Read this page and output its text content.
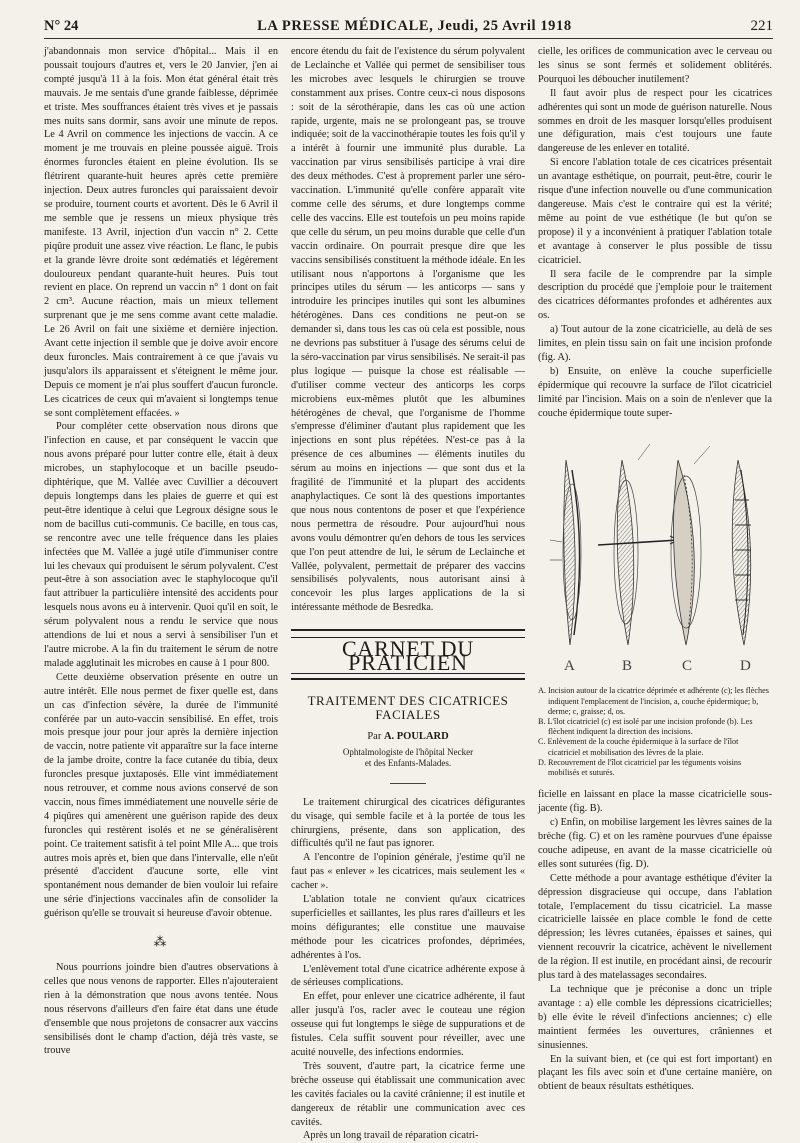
N° 24	LA PRESSE MÉDICALE, Jeudi, 25 Avril 1918	221

j'abandonnais mon service d'hôpital... Mais il en poussait toujours d'autres et, vers le 20 Janvier, j'en ai compté jusqu'à 11 à la fois. Mon état général était très mauvais. Je me sentais d'une grande faiblesse, déprimée et triste. Mes souffrances étaient très vives et je passais mes nuits sans dormir, sans avoir une minute de repos. Le 4 Avril on commence les injections de vaccin. A ce moment je me trouvais en pleine poussée aiguë. Trois énormes furoncles étaient en pleine évolution. Ils se flétrirent quarante-huit heures après cette première injection. Deux autres furoncles qui paraissaient devoir se produire, tournent courts et avortent. Dès le 6 Avril il me semble que je ressens un mieux physique très manifeste. 13 Avril, injection d'un vaccin n° 2. Cette piqûre produit une assez vive réaction. Le flanc, le pubis et la grande lèvre droite sont œdématiés et légèrement douloureux pendant quarante-huit heures. Puis tout revient en place. On reprend un vaccin n° 1 dont on fait 2 cm³. Aucune réaction, mais un mieux tellement surprenant que je me sens comme avant cette maladie. Le 26 Avril on fait une sixième et dernière injection. Avant cette injection il semble que je doive avoir encore deux furoncles. Mais contrairement à ce que j'avais vu jusqu'alors ils apparaissent et s'éteignent le même jour. Depuis ce moment je n'ai plus souffert d'aucun furoncle. Les cicatrices de ceux qui m'avaient si longtemps tenue se sont complètement effacées. »

Pour compléter cette observation nous dirons que l'infection en cause, et par conséquent le vaccin que nous avons préparé pour lutter contre elle, était à deux microbes, un staphylocoque et un bacille pseudo-diphtérique, que M. Vallée avec Cuvillier a découvert depuis longtemps dans les plaies de guerre et qui est peut-être identique à celui que Legroux désigne sous le nom de bacillus cuti-communis. Ce bacille, en tous cas, se rencontre avec une telle fréquence dans les plaies infectées que M. Vallée a jugé utile d'immuniser contre lui les chevaux qui produisent le sérum polyvalent. C'est peut-être à son association avec le staphylocoque qu'il faut attribuer la particulière intensité des accidents pour lesquels nous avons eu à intervenir. Quoi qu'il en soit, le sérum polyvalent nous a rendu le service que nous attendions de lui et nous a servi à sensibiliser l'un et l'autre microbe. A la fin du traitement le sérum de notre malade agglutinait les microbes en cause à 1 pour 800.

Cette deuxième observation présente en outre un autre intérêt. Elle nous permet de fixer quelle est, dans un cas d'infection sévère, la durée de l'immunité conférée par un auto-vaccin sensibilisé. En effet, trois mois presque jour pour jour après la dernière injection de vaccin, notre patiente vit apparaître sur la face interne de la jambe droite, contre la face cutanée du tibia, deux furoncles presque juxtaposés. Elle vint immédiatement nous retrouver, et comme nous avions conservé de son vaccin, nous fîmes immédiatement une nouvelle série de 4 piqûres qui amenèrent une guérison rapide des deux furoncles qui restèrent isolés et ne se généralisèrent point. Ce traitement satisfit à tel point Mlle A... que trois autres mois après et, bien que dans l'intervalle, elle n'eût présenté d'accident d'aucune sorte, elle vint spontanément nous demander de bien vouloir lui refaire une série d'injections vaccinales afin de consolider la guérison qu'elle se trouvait si heureuse d'avoir obtenue.

⁂

Nous pourrions joindre bien d'autres observations à celles que nous venons de rapporter. Elles n'ajouteraient rien à la démonstration que nous avons tentée. Nous nous réservons d'ailleurs d'en faire état dans une étude d'ensemble que nous projetons de consacrer aux vaccins sensibilisés dont le champ d'action, déjà très vaste, se trouve

encore étendu du fait de l'existence du sérum polyvalent de Leclainche et Vallée qui permet de sensibiliser tous les microbes avec lesquels le chirurgien se trouve constamment aux prises. Contre ceux-ci nous disposons : soit de la sérothérapie, dans les cas où une action rapide, urgente, mais ne se prolongeant pas, se trouve indiquée; soit de la vaccinothérapie toutes les fois qu'il y a intérêt à fournir une immunité plus durable. La vaccination par virus sensibilisés participe à vrai dire des deux méthodes. C'est à proprement parler une séro-vaccination. L'immunité qu'elle confère apparaît vite comme celle des sérums, et dure longtemps comme celle des vaccins. Elle est toutefois un peu moins rapide que celle du sérum, un peu moins durable que celle d'un vaccin ordinaire. On pourrait presque dire que les vaccins sensibilisés constituent la méthode idéale. En les utilisant nous n'apportons à l'organisme que les principes utiles du sérum — les anticorps — sans y introduire les principes inutiles qui sont les albumines hétérogènes. Dans ces conditions ne peut-on se demander si, dans tous les cas où cela est possible, nous ne devrions pas substituer à l'usage des sérums celui de la séro-vaccination par virus sensibilisés. Ne serait-il pas plus logique — puisque la chose est réalisable — d'utiliser comme vecteur des anticorps les corps microbiens eux-mêmes plutôt que les albumines hétérogènes de cheval, que l'organisme de l'homme s'empresse d'éliminer d'autant plus rapidement que les injections en sont plus répétées. N'est-ce pas à la présence de ces albumines — éléments inutiles du sérum au moins en injections — que sont dus et la fragilité de l'immunité et la plupart des accidents anaphylactiques. Ce sont là des questions importantes que nous nous contentons de poser et que l'expérience nous permettra de résoudre. Pour aujourd'hui nous avons voulu démontrer qu'en dehors de tous les services que l'on peut attendre de lui, le sérum de Leclainche et Vallée, polyvalent, permettait de préparer des vaccins sensibilisés polyvalents, nous autorisant ainsi à concevoir les plus larges applications de la si intéressante méthode de Besredka.

CARNET DU PRATICIEN
TRAITEMENT DES CICATRICES FACIALES
Par A. POULARD
Ophtalmologiste de l'hôpital Necker
et des Enfants-Malades.

Le traitement chirurgical des cicatrices défigurantes du visage, qui semble facile et à la portée de tous les chirurgiens, présente, dans son application, des difficultés qu'il ne faut pas ignorer.

A l'encontre de l'opinion générale, j'estime qu'il ne faut pas « enlever » les cicatrices, mais seulement les « cacher ».

L'ablation totale ne convient qu'aux cicatrices superficielles et saillantes, les plus rares d'ailleurs et les moins défigurantes; elle constitue une mauvaise méthode pour les cicatrices profondes, déprimées, adhérentes à l'os.

L'enlèvement total d'une cicatrice adhérente expose à de sérieuses complications.

En effet, pour enlever une cicatrice adhérente, il faut aller jusqu'à l'os, racler avec le couteau une région osseuse qui fut longtemps le siège de suppurations et de fistules. Cela suffit souvent pour réveiller, avec une acuité nouvelle, des infections endormies.

Très souvent, d'autre part, la cicatrice ferme une brèche osseuse qui établissait une communication avec les cavités faciales ou la cavité crânienne; il est inutile et dangereux de rétablir une communication avec ces cavités.

Après un long travail de réparation cicatri-

cielle, les orifices de communication avec le cerveau ou les sinus se sont fermés et solidement oblitérés. Pourquoi les déboucher inutilement?

Il faut avoir plus de respect pour les cicatrices adhérentes qui sont un mode de guérison naturelle. Nous sommes en droit de les masquer lorsqu'elles produisent une défiguration, mais c'est toujours une faute dangereuse de les enlever en totalité.

Si encore l'ablation totale de ces cicatrices présentait un avantage esthétique, on pourrait, peut-être, courir le risque d'une infection nouvelle ou d'une communication dangereuse. Mais c'est le contraire qui est la vérité; même au point de vue esthétique (le but qu'on se propose) il y a inconvénient à pratiquer l'ablation totale et avantage à conserver le plus possible de tissu cicatriciel.

Il sera facile de le comprendre par la simple description du procédé que j'emploie pour le traitement des cicatrices déformantes profondes et adhérentes aux os.

a) Tout autour de la zone cicatricielle, au delà de ses limites, en plein tissu sain on fait une incision profonde (fig. A).

b) Ensuite, on enlève la couche superficielle épidermique qui recouvre la surface de l'îlot cicatriciel limité par l'incision. Mais on a soin de n'enlever que la couche épidermique toute super-

A	B	C	D
A. Incision autour de la cicatrice déprimée et adhérente (c); les flèches indiquent l'emplacement de l'incision, a, couche épidermique; b, derme; c, graisse; d, os.
B. L'îlot cicatriciel (c) est isolé par une incision profonde (b). Les flèchent indiquent la direction des incisions.
C. Enlèvement de la couche épidermique à la surface de l'îlot cicatriciel et mobilisation des lèvres de la plaie.
D. Recouvrement de l'îlot cicatriciel par les téguments voisins mobilisés et suturés.

ficielle en laissant en place la masse cicatricielle sous-jacente (fig. B).

c) Enfin, on mobilise largement les lèvres saines de la brèche (fig. C) et on les ramène pourvues d'une épaisse couche adipeuse, en avant de la masse cicatricielle où elles sont suturées (fig. D).

Cette méthode a pour avantage esthétique d'éviter la dépression disgracieuse qui occupe, dans l'ablation totale, l'emplacement du tissu cicatriciel. La masse cicatricielle laissée en place comble le fond de cette dépression; les lèvres cutanées, épaisses et saines, qui viennent recouvrir la cicatrice, achèvent le nivellement de la région. Il est inutile, en procédant ainsi, de recourir plus tard à des matelassages secondaires.

La technique que je préconise a donc un triple avantage : a) elle comble les dépressions cicatricielles; b) elle évite le réveil d'infections anciennes; c) elle maintient fermées les ouvertures, crâniennes et sinusiennes.

En la suivant bien, et (ce qui est fort important) en plaçant les fils avec soin et d'une certaine manière, on obtient de beaux résultats esthétiques.
